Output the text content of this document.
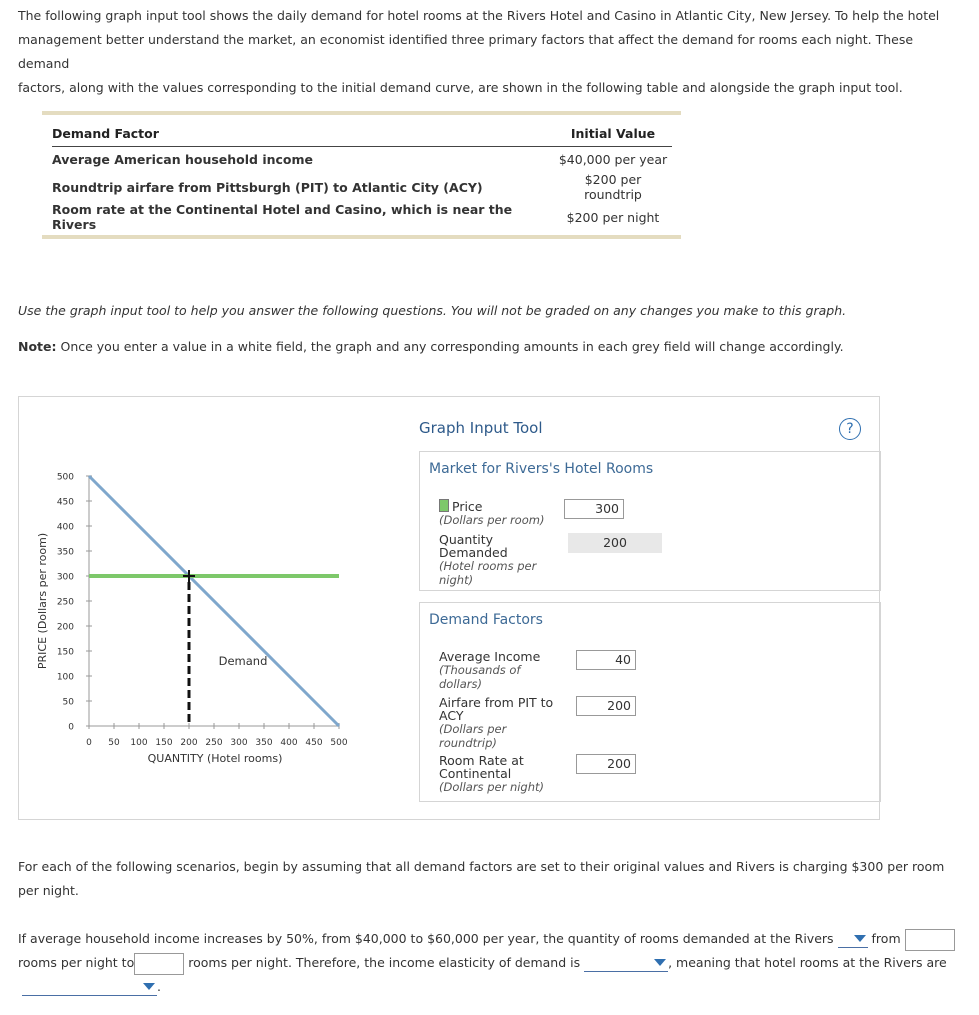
The following graph input tool shows the daily demand for hotel rooms at the Rivers Hotel and Casino in Atlantic City, New Jersey. To help the hotel
management better understand the market, an economist identified three primary factors that affect the demand for rooms each night. These demand
factors, along with the values corresponding to the initial demand curve, are shown in the following table and alongside the graph input tool.
Demand Factor	Initial Value
Average American household income	$40,000 per year
Roundtrip airfare from Pittsburgh (PIT) to Atlantic City (ACY)	$200 per roundtrip
Room rate at the Continental Hotel and Casino, which is near the Rivers	$200 per night
Use the graph input tool to help you answer the following questions. You will not be graded on any changes you make to this graph.
Note: Once you enter a value in a white field, the graph and any corresponding amounts in each grey field will change accordingly.
0
50
100
150
200
250
300
350
400
450
500
0 50 100 150 200 250 300 350 400 450 500
QUANTITY (Hotel rooms)
PRICE (Dollars per room)	Demand
Graph Input Tool	?
Market for Rivers's Hotel Rooms
Price
(Dollars per room)
300
Quantity
Demanded
(Hotel rooms per
night)
200
Demand Factors
Average Income
(Thousands of
dollars)
40
Airfare from PIT to
ACY
(Dollars per
roundtrip)
200
Room Rate at
Continental
(Dollars per night)
200
For each of the following scenarios, begin by assuming that all demand factors are set to their original values and Rivers is charging $300 per room
per night.
If average household income increases by 50%, from $40,000 to $60,000 per year, the quantity of rooms demanded at the Rivers	from
rooms per night to	rooms per night. Therefore, the income elasticity of demand is	, meaning that hotel rooms at the Rivers are
.
